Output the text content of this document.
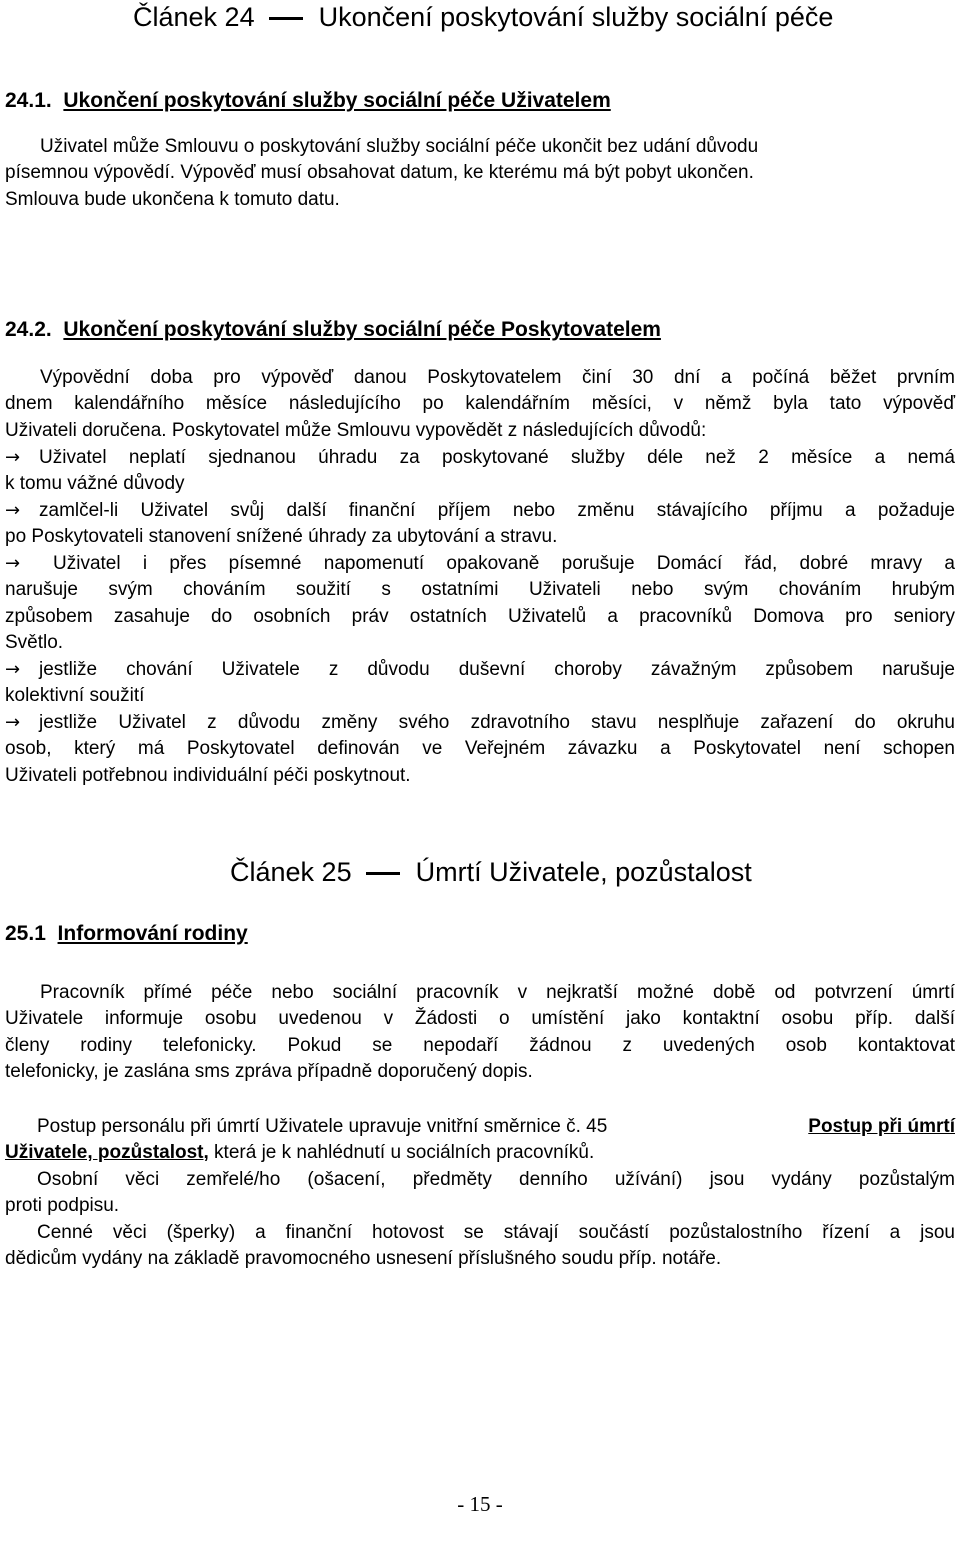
Článek 24 Ukončení poskytování služby sociální péče
24.1. Ukončení poskytování služby sociální péče Uživatelem
Uživatel může Smlouvu o poskytování služby sociální péče ukončit bez udání důvodu
písemnou výpovědí. Výpověď musí obsahovat datum, ke kterému má být pobyt ukončen.
Smlouva bude ukončena k tomuto datu.
24.2. Ukončení poskytování služby sociální péče Poskytovatelem
Výpovědní doba pro výpověď danou Poskytovatelem činí 30 dní a počíná běžet prvním
dnem kalendářního měsíce následujícího po kalendářním měsíci, v němž byla tato výpověď
Uživateli doručena. Poskytovatel může Smlouvu vypovědět z následujících důvodů:
→ Uživatel neplatí sjednanou úhradu za poskytované služby déle než 2 měsíce a nemá
k tomu vážné důvody
→ zamlčel-li Uživatel svůj další finanční příjem nebo změnu stávajícího příjmu a požaduje
po Poskytovateli stanovení snížené úhrady za ubytování a stravu.
→	Uživatel i přes písemné napomenutí opakovaně porušuje Domácí řád, dobré mravy a
narušuje svým chováním soužití s ostatními Uživateli nebo svým chováním hrubým
způsobem zasahuje do osobních práv ostatních Uživatelů a pracovníků Domova pro seniory
Světlo.
→ jestliže chování Uživatele z důvodu duševní choroby závažným způsobem narušuje
kolektivní soužití
→ jestliže Uživatel z důvodu změny svého zdravotního stavu nesplňuje zařazení do okruhu
osob, který má Poskytovatel definován ve Veřejném závazku a Poskytovatel není schopen
Uživateli potřebnou individuální péči poskytnout.
Článek 25 Úmrtí Uživatele, pozůstalost
25.1 Informování rodiny
Pracovník přímé péče nebo sociální pracovník v nejkratší možné době od potvrzení úmrtí
Uživatele informuje osobu uvedenou v Žádosti o umístění jako kontaktní osobu příp. další
členy rodiny telefonicky. Pokud se nepodaří žádnou z uvedených osob kontaktovat
telefonicky, je zaslána sms zpráva případně doporučený dopis.
Postup personálu při úmrtí Uživatele upravuje vnitřní směrnice č. 45	Postup při úmrtí
Uživatele, pozůstalost, která je k nahlédnutí u sociálních pracovníků.
Osobní věci zemřelé/ho (ošacení, předměty denního užívání) jsou vydány pozůstalým
proti podpisu.
Cenné věci (šperky) a finanční hotovost se stávají součástí pozůstalostního řízení a jsou
dědicům vydány na základě pravomocného usnesení příslušného soudu příp. notáře.
- 15 -
